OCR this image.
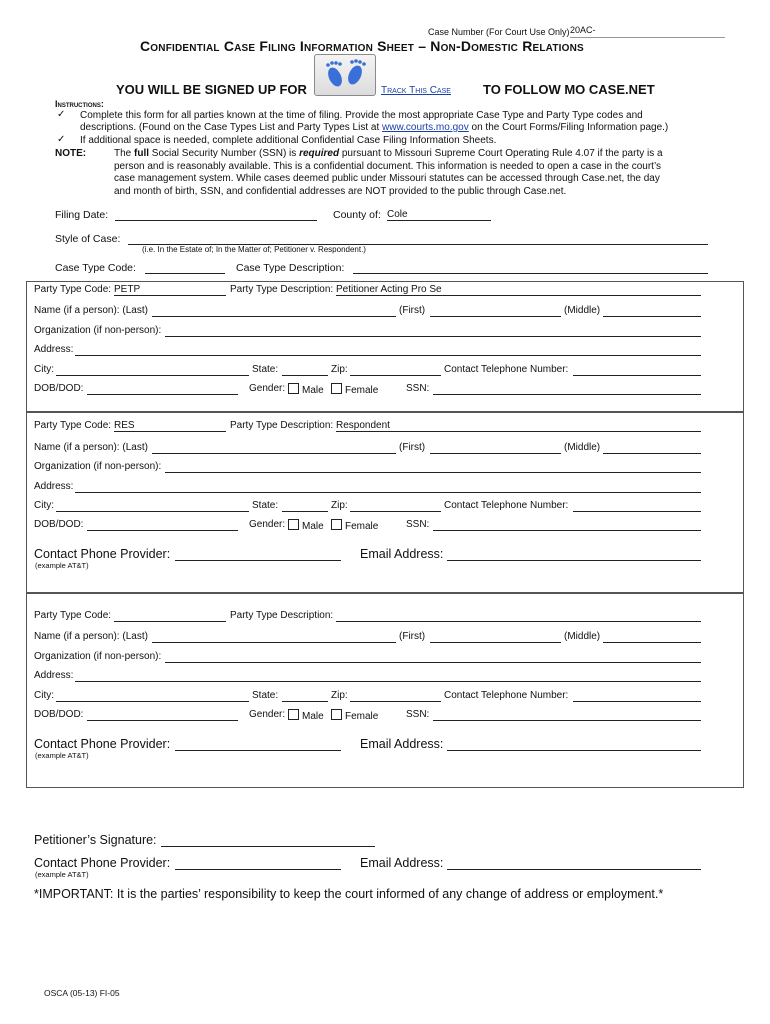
Case Number (For Court Use Only) 20AC-
Confidential Case Filing Information Sheet – Non-Domestic Relations
YOU WILL BE SIGNED UP FOR	Track This Case TO FOLLOW MO CASE.NET
Instructions:
✓ Complete this form for all parties known at the time of filing. Provide the most appropriate Case Type and Party Type codes and
descriptions. (Found on the Case Types List and Party Types List at www.courts.mo.gov on the Court Forms/Filing Information page.)
✓ If additional space is needed, complete additional Confidential Case Filing Information Sheets.
NOTE:	The full Social Security Number (SSN) is required pursuant to Missouri Supreme Court Operating Rule 4.07 if the party is a
person and is reasonably available. This is a confidential document. This information is needed to open a case in the court’s
case management system. While cases deemed public under Missouri statutes can be accessed through Case.net, the day
and month of birth, SSN, and confidential addresses are NOT provided to the public through Case.net.
Filing Date:	County of: Cole
Style of Case:
(i.e. In the Estate of; In the Matter of; Petitioner v. Respondent.)
Case Type Code:	Case Type Description:
Party Type Code: PETP	Party Type Description: Petitioner Acting Pro Se
Name (if a person): (Last)	(First)	(Middle)
Organization (if non-person):
Address:
City:	State:	Zip:	Contact Telephone Number:
DOB/DOD:	Gender:	Male	Female	SSN:
Party Type Code: RES	Party Type Description: Respondent
Name (if a person): (Last)	(First)	(Middle)
Organization (if non-person):
Address:
City:	State:	Zip:	Contact Telephone Number:
DOB/DOD:	Gender:	Male	Female	SSN:
Contact Phone Provider:
(example AT&T)
Email Address:
Party Type Code:	Party Type Description:
Name (if a person): (Last)	(First)	(Middle)
Organization (if non-person):
Address:
City:	State:	Zip:	Contact Telephone Number:
DOB/DOD:	Gender:	Male	Female	SSN:
Contact Phone Provider:
(example AT&T)
Email Address:
Petitioner’s Signature:
Contact Phone Provider:
(example AT&T)
Email Address:
*IMPORTANT: It is the parties’ responsibility to keep the court informed of any change of address or employment.*
OSCA (05-13) FI-05
